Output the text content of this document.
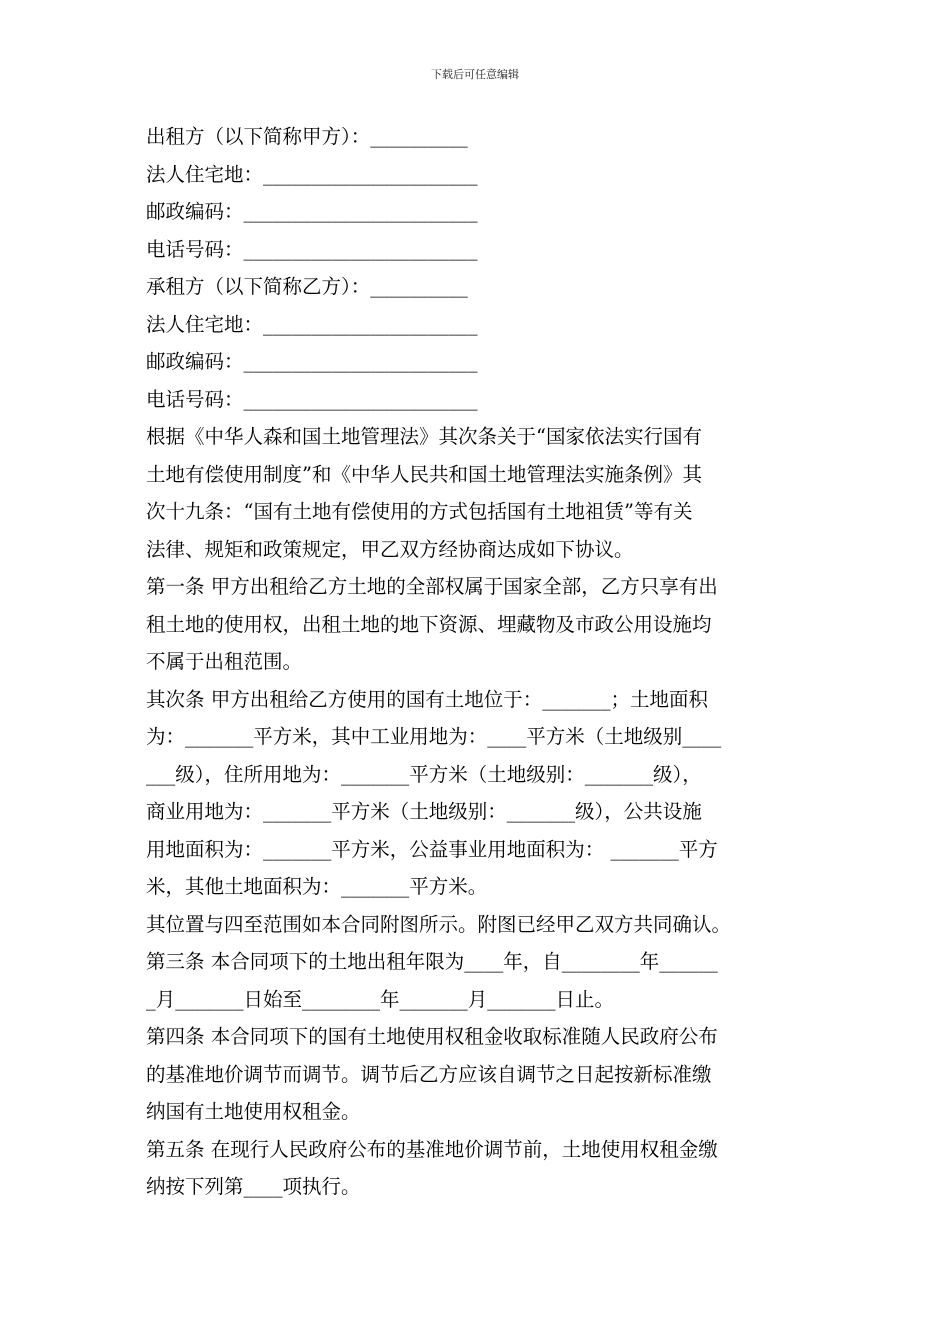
下载后可任意编辑
出租方（以下简称甲方）：__________
法人住宅地：______________________
邮政编码：________________________
电话号码：________________________
承租方（以下简称乙方）：__________
法人住宅地：______________________
邮政编码：________________________
电话号码：________________________
根据《中华人森和国土地管理法》其次条关于“国家依法实行国有
土地有偿使用制度”和《中华人民共和国土地管理法实施条例》其
次十九条：“国有土地有偿使用的方式包括国有土地祖赁”等有关
法律、规矩和政策规定，甲乙双方经协商达成如下协议。
第一条 甲方出租给乙方土地的全部权属于国家全部，乙方只享有出
租土地的使用权，出租土地的地下资源、埋藏物及市政公用设施均
不属于出租范围。
其次条 甲方出租给乙方使用的国有土地位于：_______；土地面积
为：_______平方米，其中工业用地为：____平方米（土地级别____
___级），住所用地为：_______平方米（土地级别：_______级），
商业用地为：_______平方米（土地级别：_______级），公共设施
用地面积为：_______平方米，公益事业用地面积为： _______平方
米，其他土地面积为：_______平方米。
其位置与四至范围如本合同附图所示。附图已经甲乙双方共同确认。
第三条 本合同项下的土地出租年限为____年，自________年______
_月_______日始至________年_______月_______日止。
第四条 本合同项下的国有土地使用权租金收取标准随人民政府公布
的基准地价调节而调节。调节后乙方应该自调节之日起按新标准缴
纳国有土地使用权租金。
第五条 在现行人民政府公布的基准地价调节前，土地使用权租金缴
纳按下列第____项执行。
